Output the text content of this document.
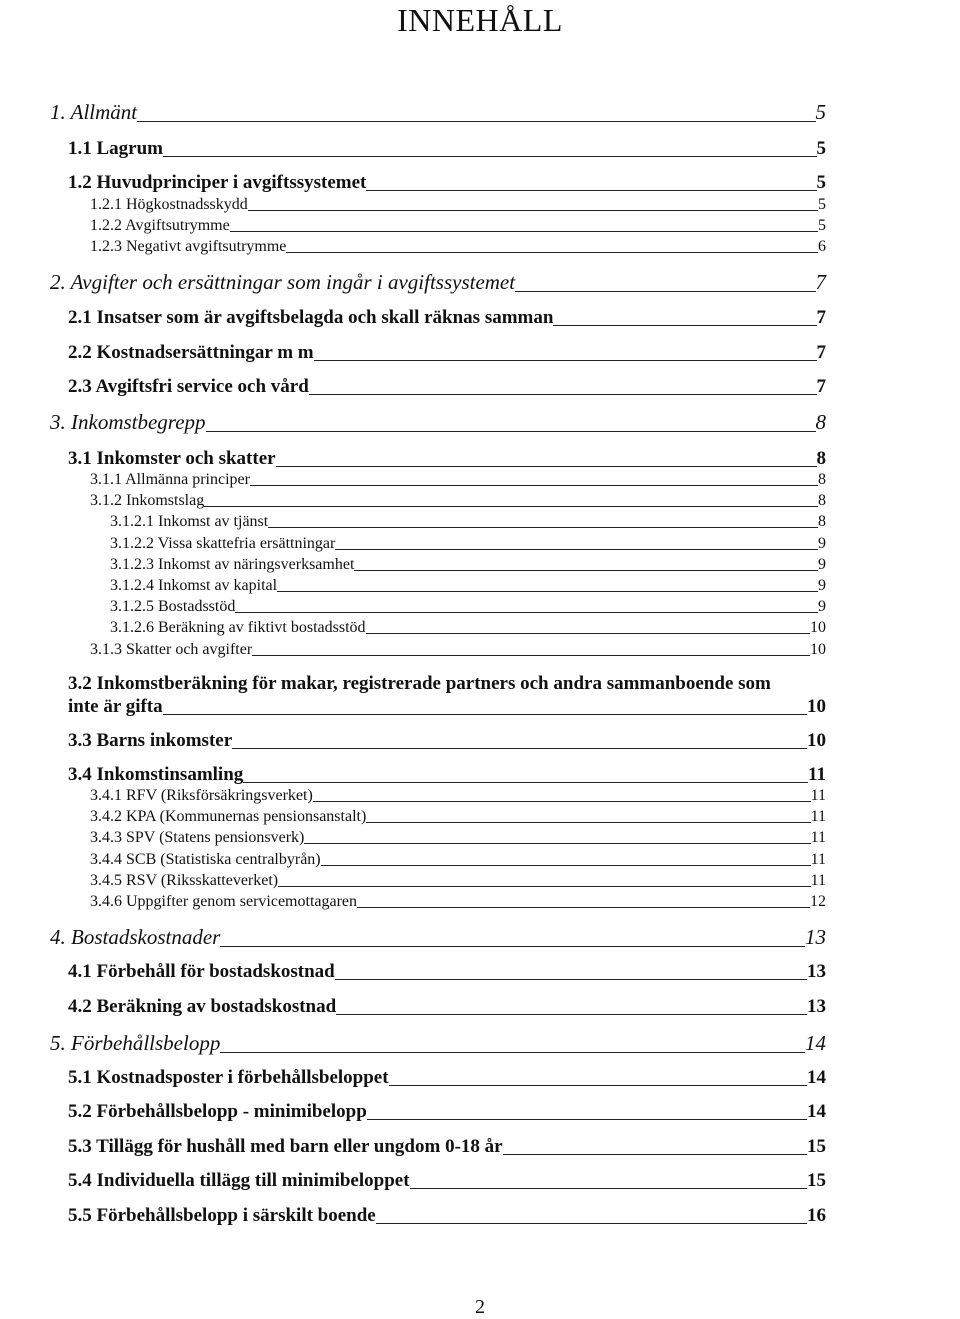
INNEHÅLL
1. Allmänt	5
1.1 Lagrum	5
1.2 Huvudprinciper i avgiftssystemet	5
1.2.1 Högkostnadsskydd	5
1.2.2 Avgiftsutrymme	5
1.2.3 Negativt avgiftsutrymme	6
2. Avgifter och ersättningar som ingår i avgiftssystemet	7
2.1 Insatser som är avgiftsbelagda och skall räknas samman	7
2.2 Kostnadsersättningar m m	7
2.3 Avgiftsfri service och vård	7
3. Inkomstbegrepp	8
3.1 Inkomster och skatter	8
3.1.1 Allmänna principer	8
3.1.2 Inkomstslag	8
3.1.2.1 Inkomst av tjänst	8
3.1.2.2 Vissa skattefria ersättningar	9
3.1.2.3 Inkomst av näringsverksamhet	9
3.1.2.4 Inkomst av kapital	9
3.1.2.5 Bostadsstöd	9
3.1.2.6 Beräkning av fiktivt bostadsstöd	10
3.1.3 Skatter och avgifter	10
3.2 Inkomstberäkning för makar, registrerade partners och andra sammanboende som
inte är gifta	10
3.3 Barns inkomster	10
3.4 Inkomstinsamling	11
3.4.1 RFV (Riksförsäkringsverket)	11
3.4.2 KPA (Kommunernas pensionsanstalt)	11
3.4.3 SPV (Statens pensionsverk)	11
3.4.4 SCB (Statistiska centralbyrån)	11
3.4.5 RSV (Riksskatteverket)	11
3.4.6 Uppgifter genom servicemottagaren	12
4. Bostadskostnader	13
4.1 Förbehåll för bostadskostnad	13
4.2 Beräkning av bostadskostnad	13
5. Förbehållsbelopp	14
5.1 Kostnadsposter i förbehållsbeloppet	14
5.2 Förbehållsbelopp - minimibelopp	14
5.3 Tillägg för hushåll med barn eller ungdom 0-18 år	15
5.4 Individuella tillägg till minimibeloppet	15
5.5 Förbehållsbelopp i särskilt boende	16
2
